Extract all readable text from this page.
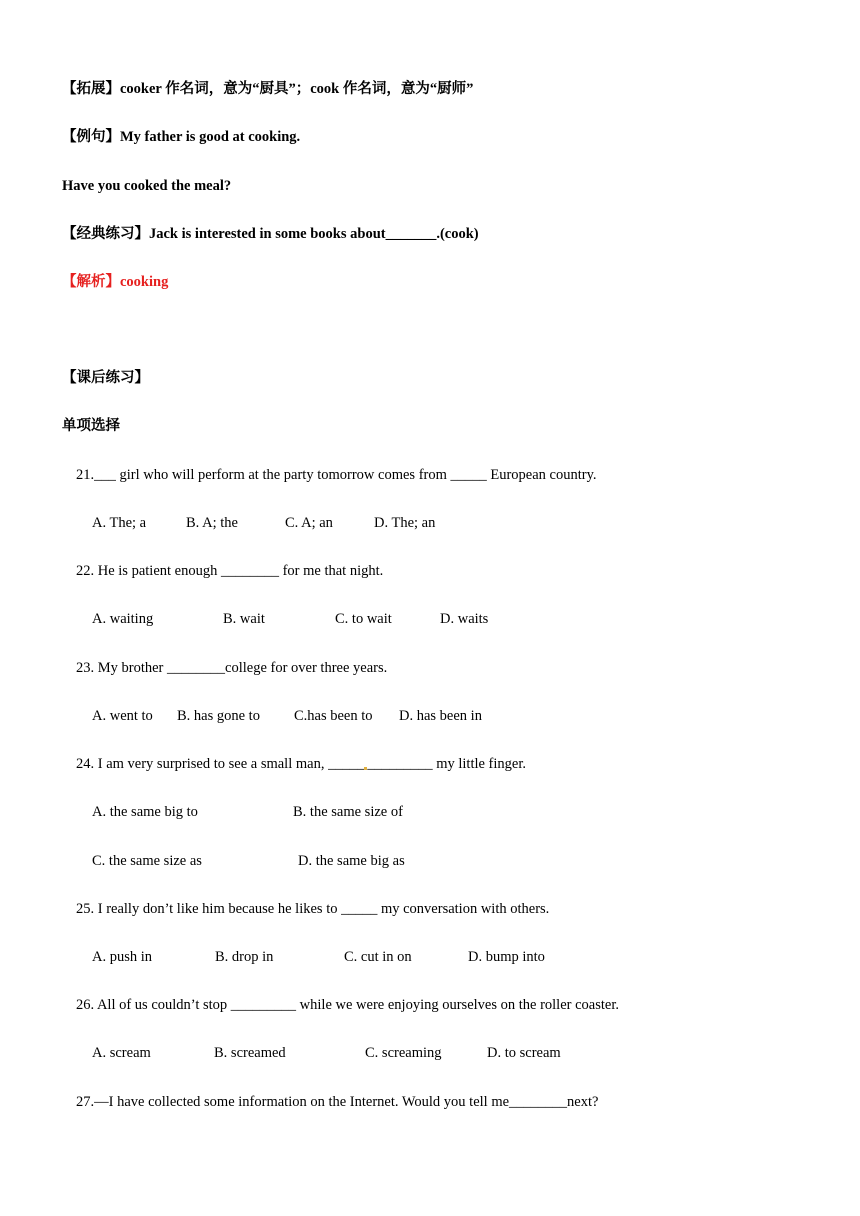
【拓展】cooker 作名词，意为“厨具”；cook 作名词，意为“厨师”
【例句】My father is good at cooking.
Have you cooked the meal?
【经典练习】Jack is interested in some books about_______.(cook)
【解析】cooking
【课后练习】
单项选择
21.___ girl who will perform at the party tomorrow comes from _____ European country.
A. The; a	B. A; the	C. A; an	D. The; an
22. He is patient enough ________ for me that night.
A. waiting	B. wait	C. to wait	D. waits
23. My brother ________college for over three years.
A. went to B. has gone to C.has been to D. has been in
24. I am very surprised to see a small man, _____ _________ my little finger.
A. the same big to	B. the same size of
C. the same size as	D. the same big as
25. I really don’t like him because he likes to _____ my conversation with others.
A. push in	B. drop in	C. cut in on	D. bump into
26. All of us couldn’t stop _________ while we were enjoying ourselves on the roller coaster.
A. scream	B. screamed	C. screaming	D. to scream
27.—I have collected some information on the Internet. Would you tell me________next?
